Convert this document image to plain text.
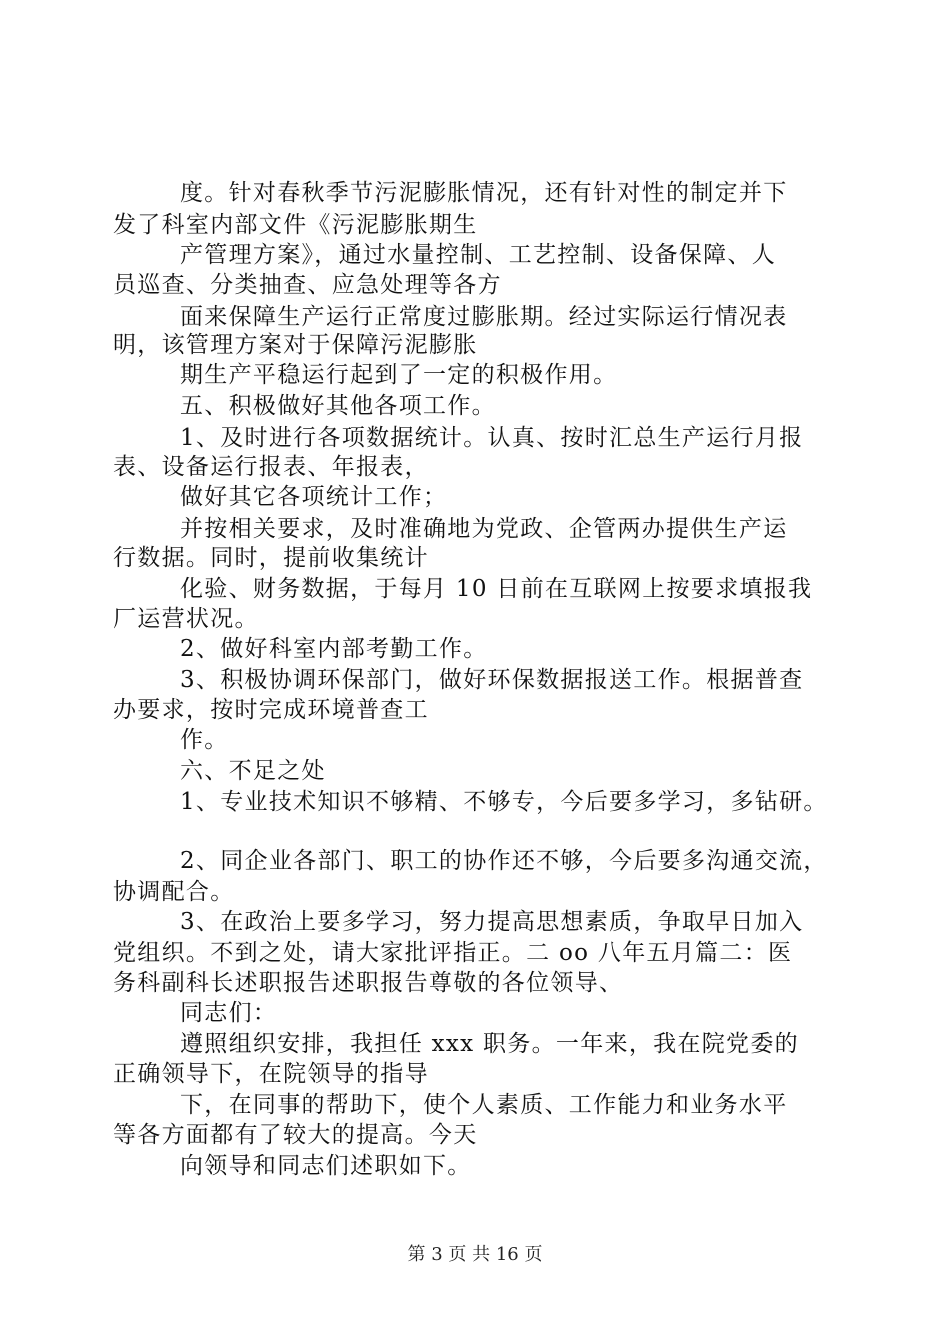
度。针对春秋季节污泥膨胀情况，还有针对性的制定并下
发了科室内部文件《污泥膨胀期生
产管理方案》，通过水量控制、工艺控制、设备保障、人
员巡查、分类抽查、应急处理等各方
面来保障生产运行正常度过膨胀期。经过实际运行情况表
明，该管理方案对于保障污泥膨胀
期生产平稳运行起到了一定的积极作用。
五、积极做好其他各项工作。
1、及时进行各项数据统计。认真、按时汇总生产运行月报
表、设备运行报表、年报表，
做好其它各项统计工作；
并按相关要求，及时准确地为党政、企管两办提供生产运
行数据。同时，提前收集统计
化验、财务数据，于每月 10 日前在互联网上按要求填报我
厂运营状况。
2、做好科室内部考勤工作。
3、积极协调环保部门，做好环保数据报送工作。根据普查
办要求，按时完成环境普查工
作。
六、不足之处
1、专业技术知识不够精、不够专，今后要多学习，多钻研。
2、同企业各部门、职工的协作还不够，今后要多沟通交流，
协调配合。
3、在政治上要多学习，努力提高思想素质，争取早日加入
党组织。不到之处，请大家批评指正。二 oo 八年五月篇二：医
务科副科长述职报告述职报告尊敬的各位领导、
同志们：
遵照组织安排，我担任 xxx 职务。一年来，我在院党委的
正确领导下，在院领导的指导
下，在同事的帮助下，使个人素质、工作能力和业务水平
等各方面都有了较大的提高。今天
向领导和同志们述职如下。
第 3 页 共 16 页
